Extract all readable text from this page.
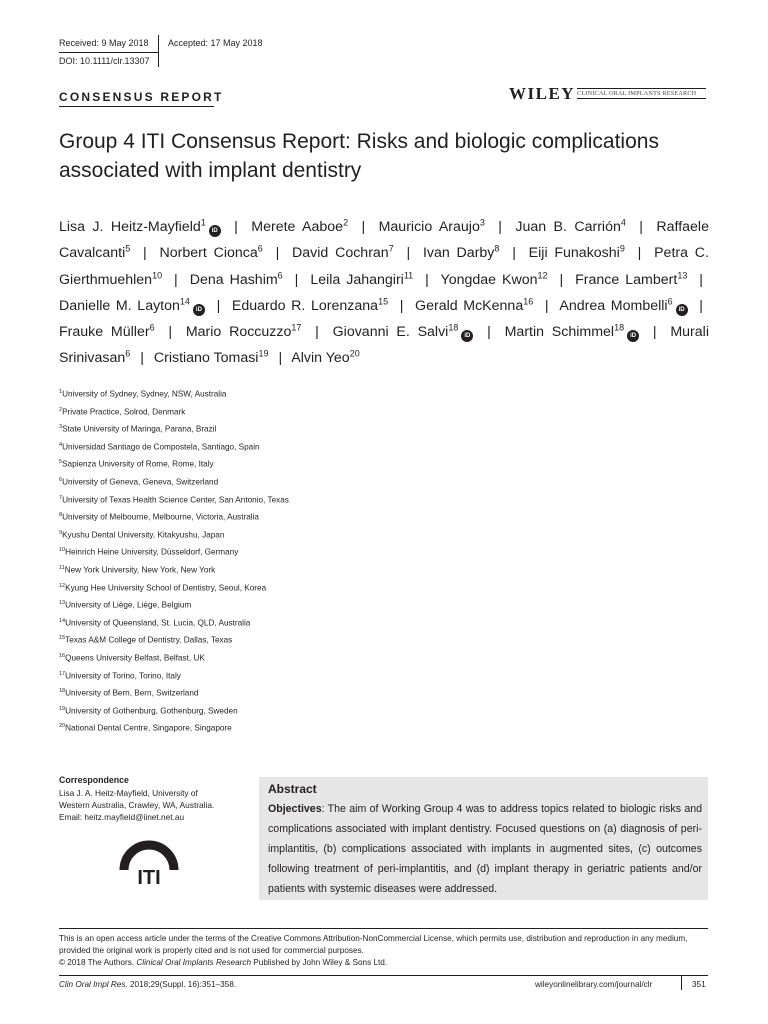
Received: 9 May 2018 Accepted: 17 May 2018
DOI: 10.1111/clr.13307
CONSENSUS REPORT	WILEY CLINICAL ORAL IMPLANTS RESEARCH
Group 4 ITI Consensus Report: Risks and biologic complications associated with implant dentistry
Lisa J. Heitz-Mayfield$^1$iD | Merete Aaboe$^2$ | Mauricio Araujo$^3$ | Juan B. Carrión$^4$ | Raffaele Cavalcanti$^5$ | Norbert Cionca$^6$ | David Cochran$^7$ | Ivan Darby$^8$ | Eiji Funakoshi$^9$ | Petra C. Gierthmuehlen$^{10}$ | Dena Hashim$^6$ | Leila Jahangiri$^{11}$ | Yongdae Kwon$^{12}$ | France Lambert$^{13}$ | Danielle M. Layton$^{14}$iD | Eduardo R. Lorenzana$^{15}$ | Gerald McKenna$^{16}$ | Andrea Mombelli$^6$iD | Frauke Müller$^6$ | Mario Roccuzzo$^{17}$ | Giovanni E. Salvi$^{18}$iD | Martin Schimmel$^{18}$iD | Murali Srinivasan$^6$ | Cristiano Tomasi$^{19}$ | Alvin Yeo$^{20}$
$^1$University of Sydney, Sydney, NSW, Australia
$^2$Private Practice, Solrod, Denmark
$^3$State University of Maringa, Parana, Brazil
$^4$Universidad Santiago de Compostela, Santiago, Spain
$^5$Sapienza University of Rome, Rome, Italy
$^6$University of Geneva, Geneva, Switzerland
$^7$University of Texas Health Science Center, San Antonio, Texas
$^8$University of Melbourne, Melbourne, Victoria, Australia
$^9$Kyushu Dental University, Kitakyushu, Japan
$^{10}$Heinrich Heine University, Düsseldorf, Germany
$^{11}$New York University, New York, New York
$^{12}$Kyung Hee University School of Dentistry, Seoul, Korea
$^{13}$University of Liège, Liège, Belgium
$^{14}$University of Queensland, St. Lucia, QLD, Australia
$^{15}$Texas A&M College of Dentistry, Dallas, Texas
$^{16}$Queens University Belfast, Belfast, UK
$^{17}$University of Torino, Torino, Italy
$^{18}$University of Bern, Bern, Switzerland
$^{19}$University of Gothenburg, Gothenburg, Sweden
$^{20}$National Dental Centre, Singapore, Singapore
Correspondence
Lisa J. A. Heitz-Mayfield, University of
Western Australia, Crawley, WA, Australia.
Email: heitz.mayfield@iinet.net.au
ITI
Abstract
Objectives: The aim of Working Group 4 was to address topics related to biologic risks and complications associated with implant dentistry. Focused questions on (a) diagnosis of peri-implantitis, (b) complications associated with implants in augmented sites, (c) outcomes following treatment of peri-implantitis, and (d) implant therapy in geriatric patients and/or patients with systemic diseases were addressed.
This is an open access article under the terms of the Creative Commons Attribution-NonCommercial License, which permits use, distribution and reproduction in any medium, provided the original work is properly cited and is not used for commercial purposes.
© 2018 The Authors. Clinical Oral Implants Research Published by John Wiley & Sons Ltd.
Clin Oral Impl Res. 2018;29(Suppl. 16):351–358.	wileyonlinelibrary.com/journal/clr	351
